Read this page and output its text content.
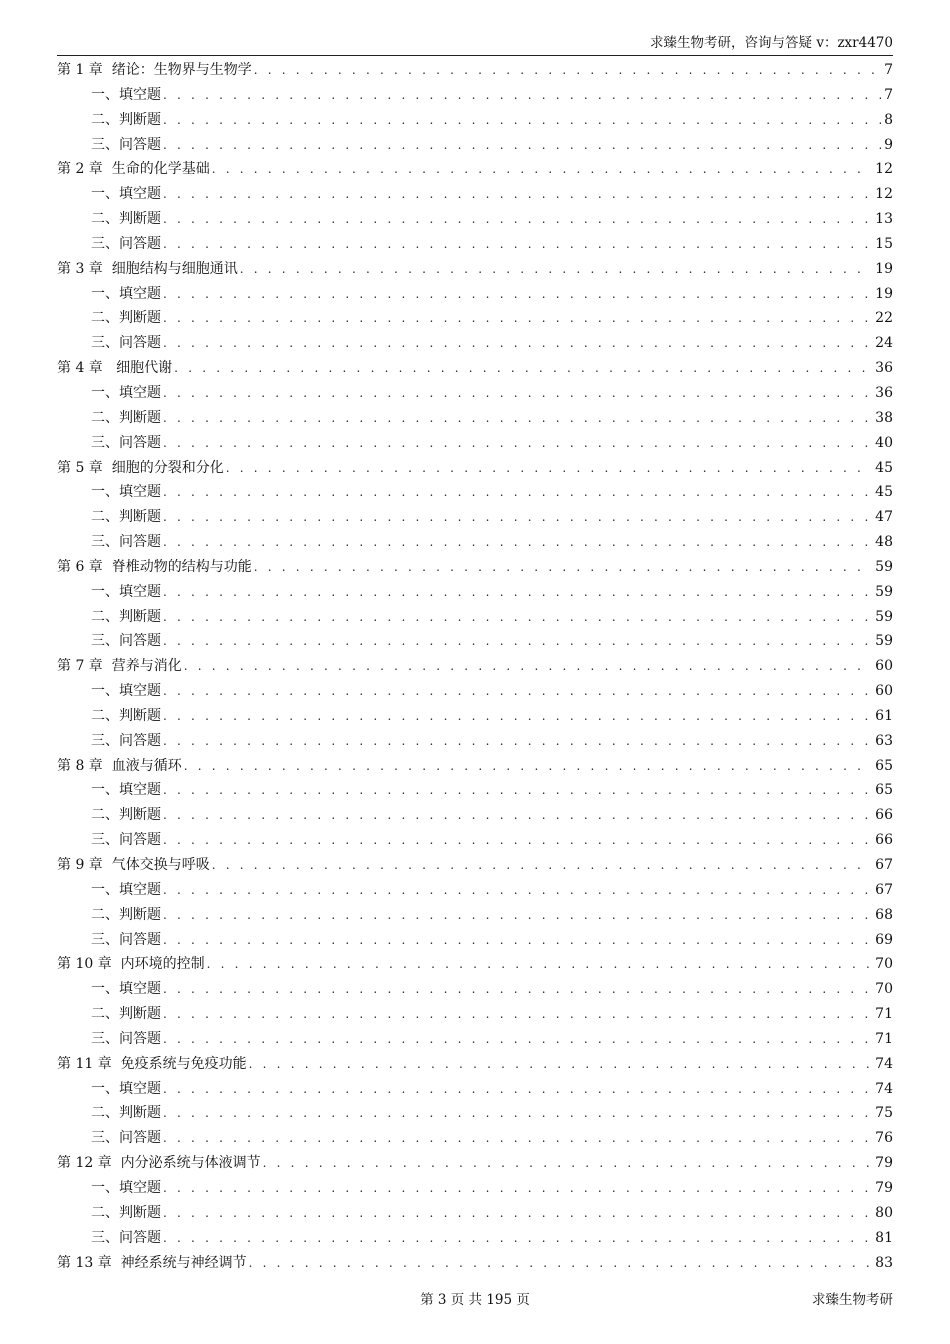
求臻生物考研，咨询与答疑 v：zxr4470
第 1 章  绪论：生物界与生物学 . . .	7
一、填空题 . . .	7
二、判断题 . . .	8
三、问答题 . . .	9
第 2 章  生命的化学基础 . . .	12
一、填空题 . . .	12
二、判断题 . . .	13
三、问答题 . . .	15
第 3 章  细胞结构与细胞通讯 . . .	19
一、填空题 . . .	19
二、判断题 . . .	22
三、问答题 . . .	24
第 4 章   细胞代谢 . . .	36
一、填空题 . . .	36
二、判断题 . . .	38
三、问答题 . . .	40
第 5 章  细胞的分裂和分化 . . .	45
一、填空题 . . .	45
二、判断题 . . .	47
三、问答题 . . .	48
第 6 章  脊椎动物的结构与功能 . . .	59
一、填空题 . . .	59
二、判断题 . . .	59
三、问答题 . . .	59
第 7 章  营养与消化 . . .	60
一、填空题 . . .	60
二、判断题 . . .	61
三、问答题 . . .	63
第 8 章  血液与循环 . . .	65
一、填空题 . . .	65
二、判断题 . . .	66
三、问答题 . . .	66
第 9 章  气体交换与呼吸 . . .	67
一、填空题 . . .	67
二、判断题 . . .	68
三、问答题 . . .	69
第 10 章  内环境的控制 . . .	70
一、填空题 . . .	70
二、判断题 . . .	71
三、问答题 . . .	71
第 11 章  免疫系统与免疫功能 . . .	74
一、填空题 . . .	74
二、判断题 . . .	75
三、问答题 . . .	76
第 12 章  内分泌系统与体液调节 . . .	79
一、填空题 . . .	79
二、判断题 . . .	80
三、问答题 . . .	81
第 13 章  神经系统与神经调节 . . .	83
第 3 页 共 195 页	求臻生物考研
